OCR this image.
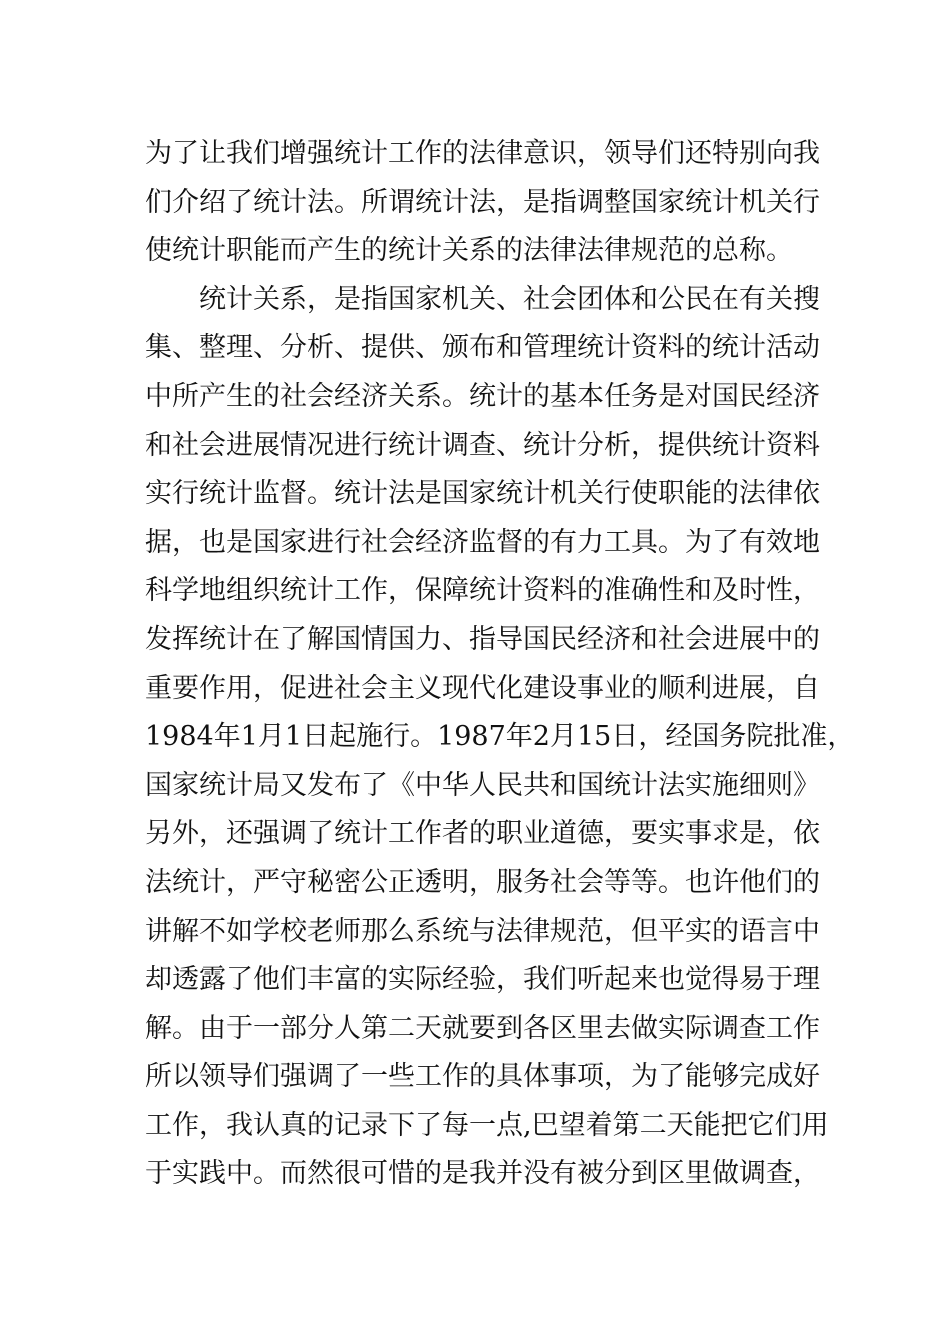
为了让我们增强统计工作的法律意识，领导们还特别向我
们介绍了统计法。所谓统计法，是指调整国家统计机关行
使统计职能而产生的统计关系的法律法律规范的总称。
　　统计关系，是指国家机关、社会团体和公民在有关搜
集、整理、分析、提供、颁布和管理统计资料的统计活动
中所产生的社会经济关系。统计的基本任务是对国民经济
和社会进展情况进行统计调查、统计分析，提供统计资料
实行统计监督。统计法是国家统计机关行使职能的法律依
据，也是国家进行社会经济监督的有力工具。为了有效地
科学地组织统计工作，保障统计资料的准确性和及时性，
发挥统计在了解国情国力、指导国民经济和社会进展中的
重要作用，促进社会主义现代化建设事业的顺利进展，自
1984年1月1日起施行。1987年2月15日，经国务院批准，
国家统计局又发布了《中华人民共和国统计法实施细则》
另外，还强调了统计工作者的职业道德，要实事求是，依
法统计，严守秘密公正透明，服务社会等等。也许他们的
讲解不如学校老师那么系统与法律规范，但平实的语言中
却透露了他们丰富的实际经验，我们听起来也觉得易于理
解。由于一部分人第二天就要到各区里去做实际调查工作
所以领导们强调了一些工作的具体事项，为了能够完成好
工作，我认真的记录下了每一点,巴望着第二天能把它们用
于实践中。而然很可惜的是我并没有被分到区里做调查，
